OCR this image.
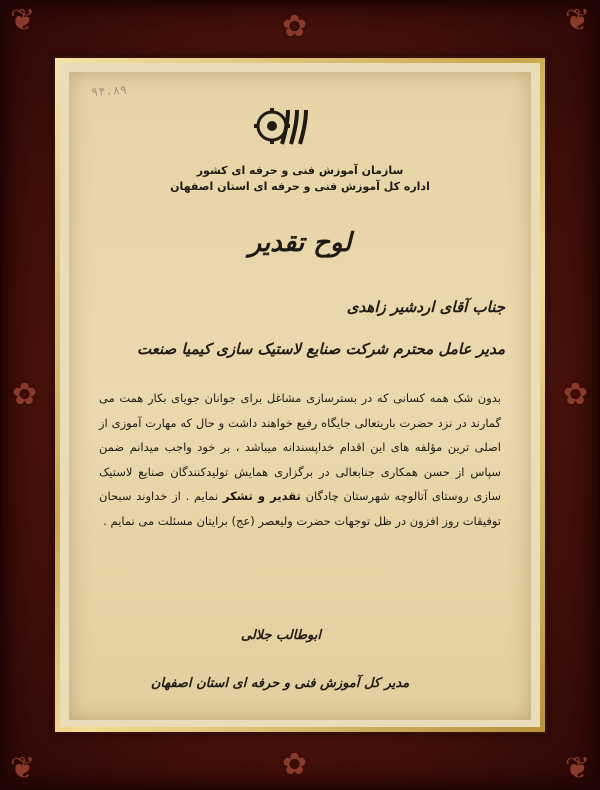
❦	❦
❦	❦
✿
✿
✿	✿
۹۴،۸۹
سازمان آموزش فنی و حرفه ای کشور
اداره کل آموزش فنی و حرفه ای استان اصفهان
لوح تقدیر
جناب آقای اردشیر زاهدی
مدیر عامل محترم شرکت صنایع لاستیک سازی کیمیا صنعت
بدون شک همه کسانی که در بسترسازی مشاغل برای جوانان جویای بکار همت می گمارند در نزد حضرت باریتعالی جایگاه رفیع خواهند داشت و حال که مهارت آموزی از اصلی ترین مؤلفه های این اقدام خداپسندانه میباشد ، بر خود واجب میدانم ضمن سپاس از حسن همکاری جنابعالی در برگزاری همایش تولیدکنندگان صنایع لاستیک سازی روستای آتالوچه شهرستان چادگان تقدیر و تشکر نمایم . از خداوند سبحان توفیقات روز افزون در ظل توجهات حضرت ولیعصر (عج) برایتان مسئلت می نمایم .
ابوطالب جلالی
مدیر کل آموزش فنی و حرفه ای استان اصفهان
